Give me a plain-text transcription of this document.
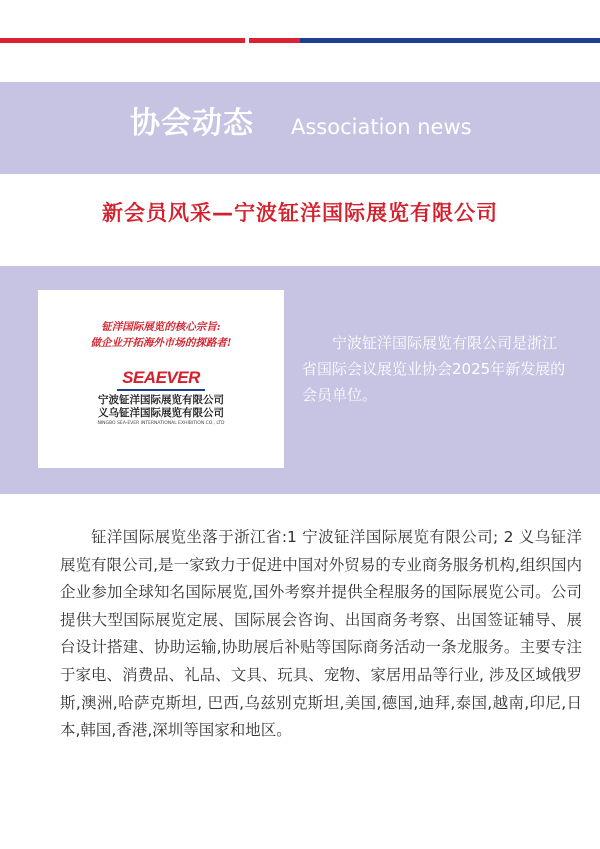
协会动态 Association news
新会员风采—宁波钲洋国际展览有限公司
钲洋国际展览的核心宗旨:
做企业开拓海外市场的探路者!
SEAEVER
宁波钲洋国际展览有限公司
义乌钲洋国际展览有限公司
NINGBO SEA-EVER INTERNATIONAL EXHIBITION CO., LTD

宁波钲洋国际展览有限公司是浙江省国际会议展览业协会2025年新发展的会员单位。

钲洋国际展览坐落于浙江省:1 宁波钲洋国际展览有限公司; 2 义乌钲洋展览有限公司,是一家致力于促进中国对外贸易的专业商务服务机构,组织国内企业参加全球知名国际展览,国外考察并提供全程服务的国际展览公司。公司提供大型国际展览定展、国际展会咨询、出国商务考察、出国签证辅导、展台设计搭建、协助运输,协助展后补贴等国际商务活动一条龙服务。主要专注于家电、消费品、礼品、文具、玩具、宠物、家居用品等行业, 涉及区域俄罗斯,澳洲,哈萨克斯坦, 巴西,乌兹别克斯坦,美国,德国,迪拜,泰国,越南,印尼,日本,韩国,香港,深圳等国家和地区。
